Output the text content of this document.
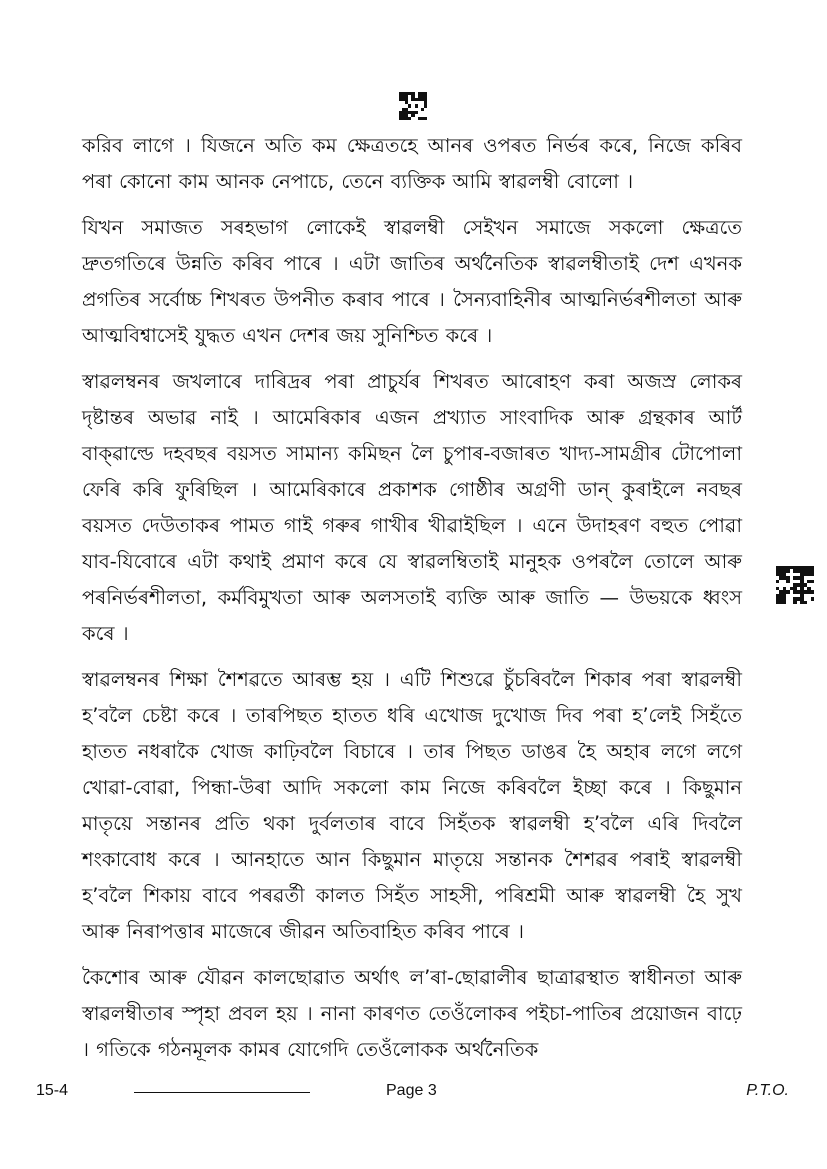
করিব লাগে । যিজনে অতি কম ক্ষেত্ৰতহে আনৰ ওপৰত নিৰ্ভৰ কৰে, নিজে কৰিব পৰা কোনো কাম আনক নেপাচে, তেনে ব্যক্তিক আমি স্বাৱলম্বী বোলো ।

যিখন সমাজত সৰহভাগ লোকেই স্বাৱলম্বী সেইখন সমাজে সকলো ক্ষেত্ৰতে দ্ৰুতগতিৰে উন্নতি কৰিব পাৰে । এটা জাতিৰ অৰ্থনৈতিক স্বাৱলম্বীতাই দেশ এখনক প্ৰগতিৰ সৰ্বোচ্চ শিখৰত উপনীত কৰাব পাৰে । সৈন্যবাহিনীৰ আত্মনিৰ্ভৰশীলতা আৰু আত্মবিশ্বাসেই যুদ্ধত এখন দেশৰ জয় সুনিশ্চিত কৰে ।

স্বাৱলম্বনৰ জখলাৰে দাৰিদ্ৰৰ পৰা প্ৰাচুৰ্যৰ শিখৰত আৰোহণ কৰা অজস্ৰ লোকৰ দৃষ্টান্তৰ অভাৱ নাই । আমেৰিকাৰ এজন প্ৰখ্যাত সাংবাদিক আৰু গ্ৰন্থকাৰ আৰ্ট বাক্ৱাল্ডে দহবছৰ বয়সত সামান্য কমিছন লৈ চুপাৰ-বজাৰত খাদ্য-সামগ্ৰীৰ টোপোলা ফেৰি কৰি ফুৰিছিল । আমেৰিকাৰে প্ৰকাশক গোষ্ঠীৰ অগ্ৰণী ডান্ কুৰাইলে নবছৰ বয়সত দেউতাকৰ পামত গাই গৰুৰ গাখীৰ খীৱাইছিল । এনে উদাহৰণ বহুত পোৱা যাব-যিবোৰে এটা কথাই প্ৰমাণ কৰে যে স্বাৱলম্বিতাই মানুহক ওপৰলৈ তোলে আৰু পৰনিৰ্ভৰশীলতা, কৰ্মবিমুখতা আৰু অলসতাই ব্যক্তি আৰু জাতি — উভয়কে ধ্বংস কৰে ।

স্বাৱলম্বনৰ শিক্ষা শৈশৱতে আৰম্ভ হয় । এটি শিশুৱে চুঁচৰিবলৈ শিকাৰ পৰা স্বাৱলম্বী হ’বলৈ চেষ্টা কৰে । তাৰপিছত হাতত ধৰি এখোজ দুখোজ দিব পৰা হ’লেই সিহঁতে হাতত নধৰাকৈ খোজ কাঢ়িবলৈ বিচাৰে । তাৰ পিছত ডাঙৰ হৈ অহাৰ লগে লগে খোৱা-বোৱা, পিন্ধা-উৰা আদি সকলো কাম নিজে কৰিবলৈ ইচ্ছা কৰে । কিছুমান মাতৃয়ে সন্তানৰ প্ৰতি থকা দুৰ্বলতাৰ বাবে সিহঁতক স্বাৱলম্বী হ’বলৈ এৰি দিবলৈ শংকাবোধ কৰে । আনহাতে আন কিছুমান মাতৃয়ে সন্তানক শৈশৱৰ পৰাই স্বাৱলম্বী হ’বলৈ শিকায় বাবে পৰৱৰ্তী কালত সিহঁত সাহসী, পৰিশ্ৰমী আৰু স্বাৱলম্বী হৈ সুখ আৰু নিৰাপত্তাৰ মাজেৰে জীৱন অতিবাহিত কৰিব পাৰে ।

কৈশোৰ আৰু যৌৱন কালছোৱাত অৰ্থাৎ ল’ৰা-ছোৱালীৰ ছাত্ৰাৱস্থাত স্বাধীনতা আৰু স্বাৱলম্বীতাৰ স্পৃহা প্ৰবল হয় । নানা কাৰণত তেওঁলোকৰ পইচা-পাতিৰ প্ৰয়োজন বাঢ়ে । গতিকে গঠনমূলক কামৰ যোগেদি তেওঁলোকক অৰ্থনৈতিক

15-4	Page 3	P.T.O.
